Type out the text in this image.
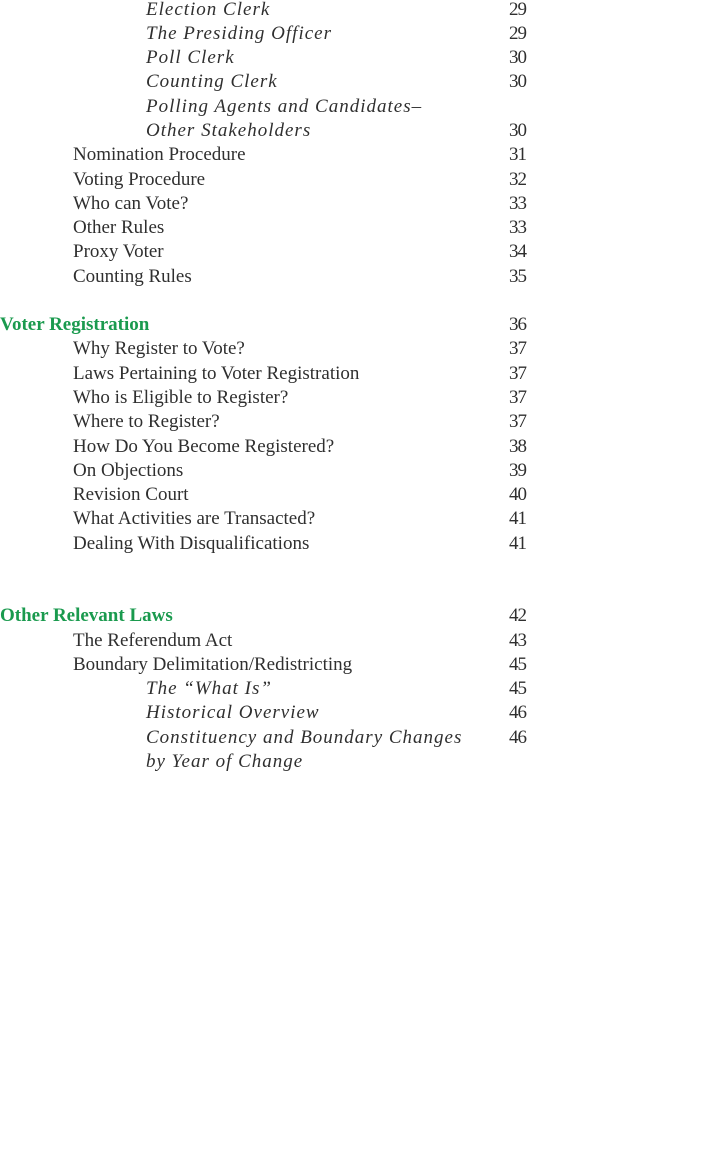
Election Clerk	29
The Presiding Officer	29
Poll Clerk	30
Counting Clerk	30
Polling Agents and Candidates–
Other Stakeholders	30
Nomination Procedure	31
Voting Procedure	32
Who can Vote?	33
Other Rules	33
Proxy Voter	34
Counting Rules	35
Voter Registration	36
Why Register to Vote?	37
Laws Pertaining to Voter Registration	37
Who is Eligible to Register?	37
Where to Register?	37
How Do You Become Registered?	38
On Objections	39
Revision Court	40
What Activities are Transacted?	41
Dealing With Disqualifications	41
Other Relevant Laws	42
The Referendum Act	43
Boundary Delimitation/Redistricting	45
The “What Is”	45
Historical Overview	46
Constituency and Boundary Changes 46
by Year of Change
